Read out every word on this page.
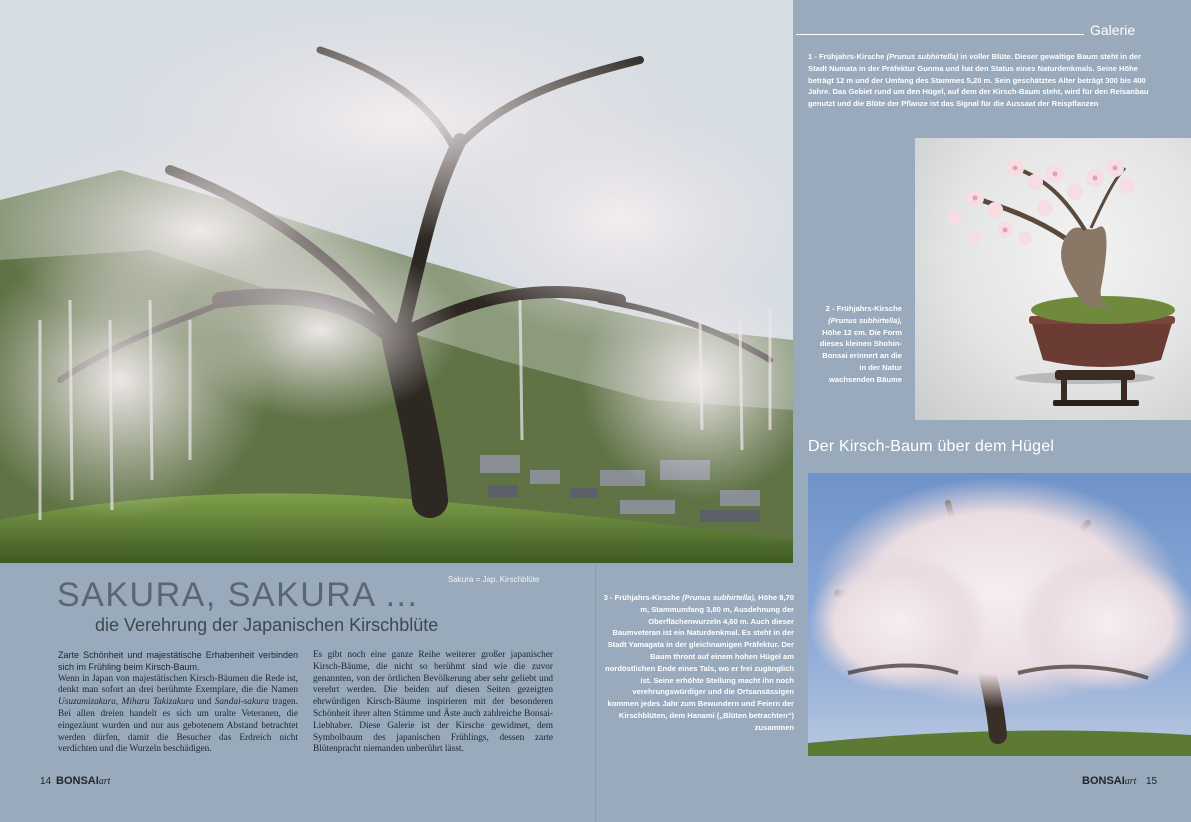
Galerie
1 - Frühjahrs-Kirsche (Prunus subhirtella) in voller Blüte. Dieser gewaltige Baum steht in der Stadt Numata in der Präfektur Gunma und hat den Status eines Naturdenkmals. Seine Höhe beträgt 12 m und der Umfang des Stammes 5,20 m. Sein geschätztes Alter beträgt 300 bis 400 Jahre. Das Gebiet rund um den Hügel, auf dem der Kirsch-Baum steht, wird für den Reisanbau genutzt und die Blüte der Pflanze ist das Signal für die Aussaat der Reispflanzen
2 - Frühjahrs-Kirsche (Prunus subhirtella), Höhe 12 cm. Die Form dieses kleinen Shohin-Bonsai erinnert an die in der Natur wachsenden Bäume
Der Kirsch-Baum über dem Hügel
3 - Frühjahrs-Kirsche (Prunus subhirtella), Höhe 8,70 m, Stammumfang 3,80 m, Ausdehnung der Oberflächenwurzeln 4,60 m. Auch dieser Baumveteran ist ein Naturdenkmal. Es steht in der Stadt Yamagata in der gleichnamigen Präfektur. Der Baum thront auf einem hohen Hügel am nordöstlichen Ende eines Tals, wo er frei zugänglich ist. Seine erhöhte Stellung macht ihn noch verehrungswürdiger und die Ortsansässigen kommen jedes Jahr zum Bewundern und Feiern der Kirschblüten, dem Hanami („Blüten betrachten“) zusammen
Sakura = Jap. Kirschblüte
SAKURA, SAKURA ...
die Verehrung der Japanischen Kirschblüte
Zarte Schönheit und majestätische Erhabenheit verbinden sich im Frühling beim Kirsch-Baum.
Wenn in Japan von majestätischen Kirsch-Bäumen die Rede ist, denkt man sofort an drei berühmte Exemplare, die die Namen Usuzumizakura, Miharu Takizakura und Sandai-sakura tragen. Bei allen dreien handelt es sich um uralte Veteranen, die eingezäunt wurden und nur aus gebotenem Abstand betrachtet werden dürfen, damit die Besucher das Erdreich nicht verdichten und die Wurzeln beschädigen.
Es gibt noch eine ganze Reihe weiterer großer japanischer Kirsch-Bäume, die nicht so berühmt sind wie die zuvor genannten, von der örtlichen Bevölkerung aber sehr geliebt und verehrt werden. Die beiden auf diesen Seiten gezeigten ehrwürdigen Kirsch-Bäume inspirieren mit der besonderen Schönheit ihrer alten Stämme und Äste auch zahlreiche Bonsai-Liebhaber. Diese Galerie ist der Kirsche gewidmet, dem Symbolbaum des japanischen Frühlings, dessen zarte Blütenpracht niemanden unberührt lässt.
14 BONSAIart	BONSAIart 15
